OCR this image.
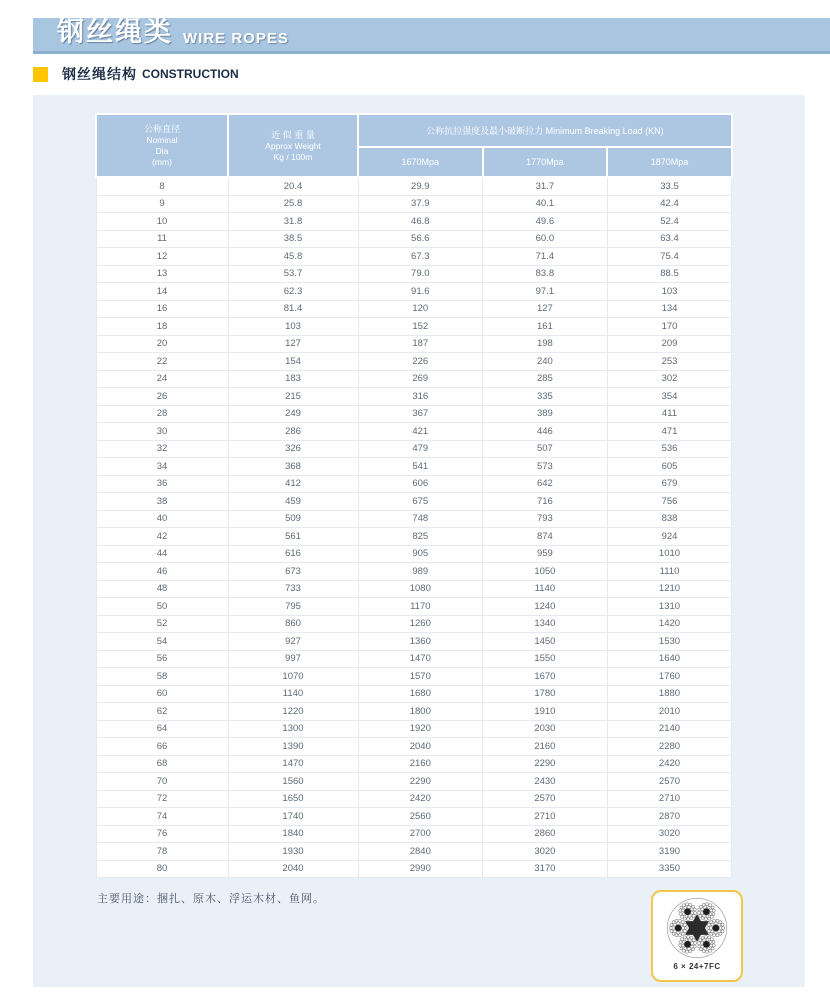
钢丝绳类 WIRE ROPES
钢丝绳结构 CONSTRUCTION
公称直径
Nominal
Dia
(mm)	近 似 重 量
Approx Weight
Kg / 100m	公称抗拉强度及最小破断拉力 Minimum Breaking Load (KN)		
		1670Mpa	1770Mpa	1870Mpa
8	20.4	29.9	31.7	33.5
9	25.8	37.9	40.1	42.4
10	31.8	46.8	49.6	52.4
11	38.5	56.6	60.0	63.4
12	45.8	67.3	71.4	75.4
13	53.7	79.0	83.8	88.5
14	62.3	91.6	97.1	103
16	81.4	120	127	134
18	103	152	161	170
20	127	187	198	209
22	154	226	240	253
24	183	269	285	302
26	215	316	335	354
28	249	367	389	411
30	286	421	446	471
32	326	479	507	536
34	368	541	573	605
36	412	606	642	679
38	459	675	716	756
40	509	748	793	838
42	561	825	874	924
44	616	905	959	1010
46	673	989	1050	1110
48	733	1080	1140	1210
50	795	1170	1240	1310
52	860	1260	1340	1420
54	927	1360	1450	1530
56	997	1470	1550	1640
58	1070	1570	1670	1760
60	1140	1680	1780	1880
62	1220	1800	1910	2010
64	1300	1920	2030	2140
66	1390	2040	2160	2280
68	1470	2160	2290	2420
70	1560	2290	2430	2570
72	1650	2420	2570	2710
74	1740	2560	2710	2870
76	1840	2700	2860	3020
78	1930	2840	3020	3190
80	2040	2990	3170	3350
主要用途：捆扎、原木、浮运木材、鱼网。
6 × 24+7FC
